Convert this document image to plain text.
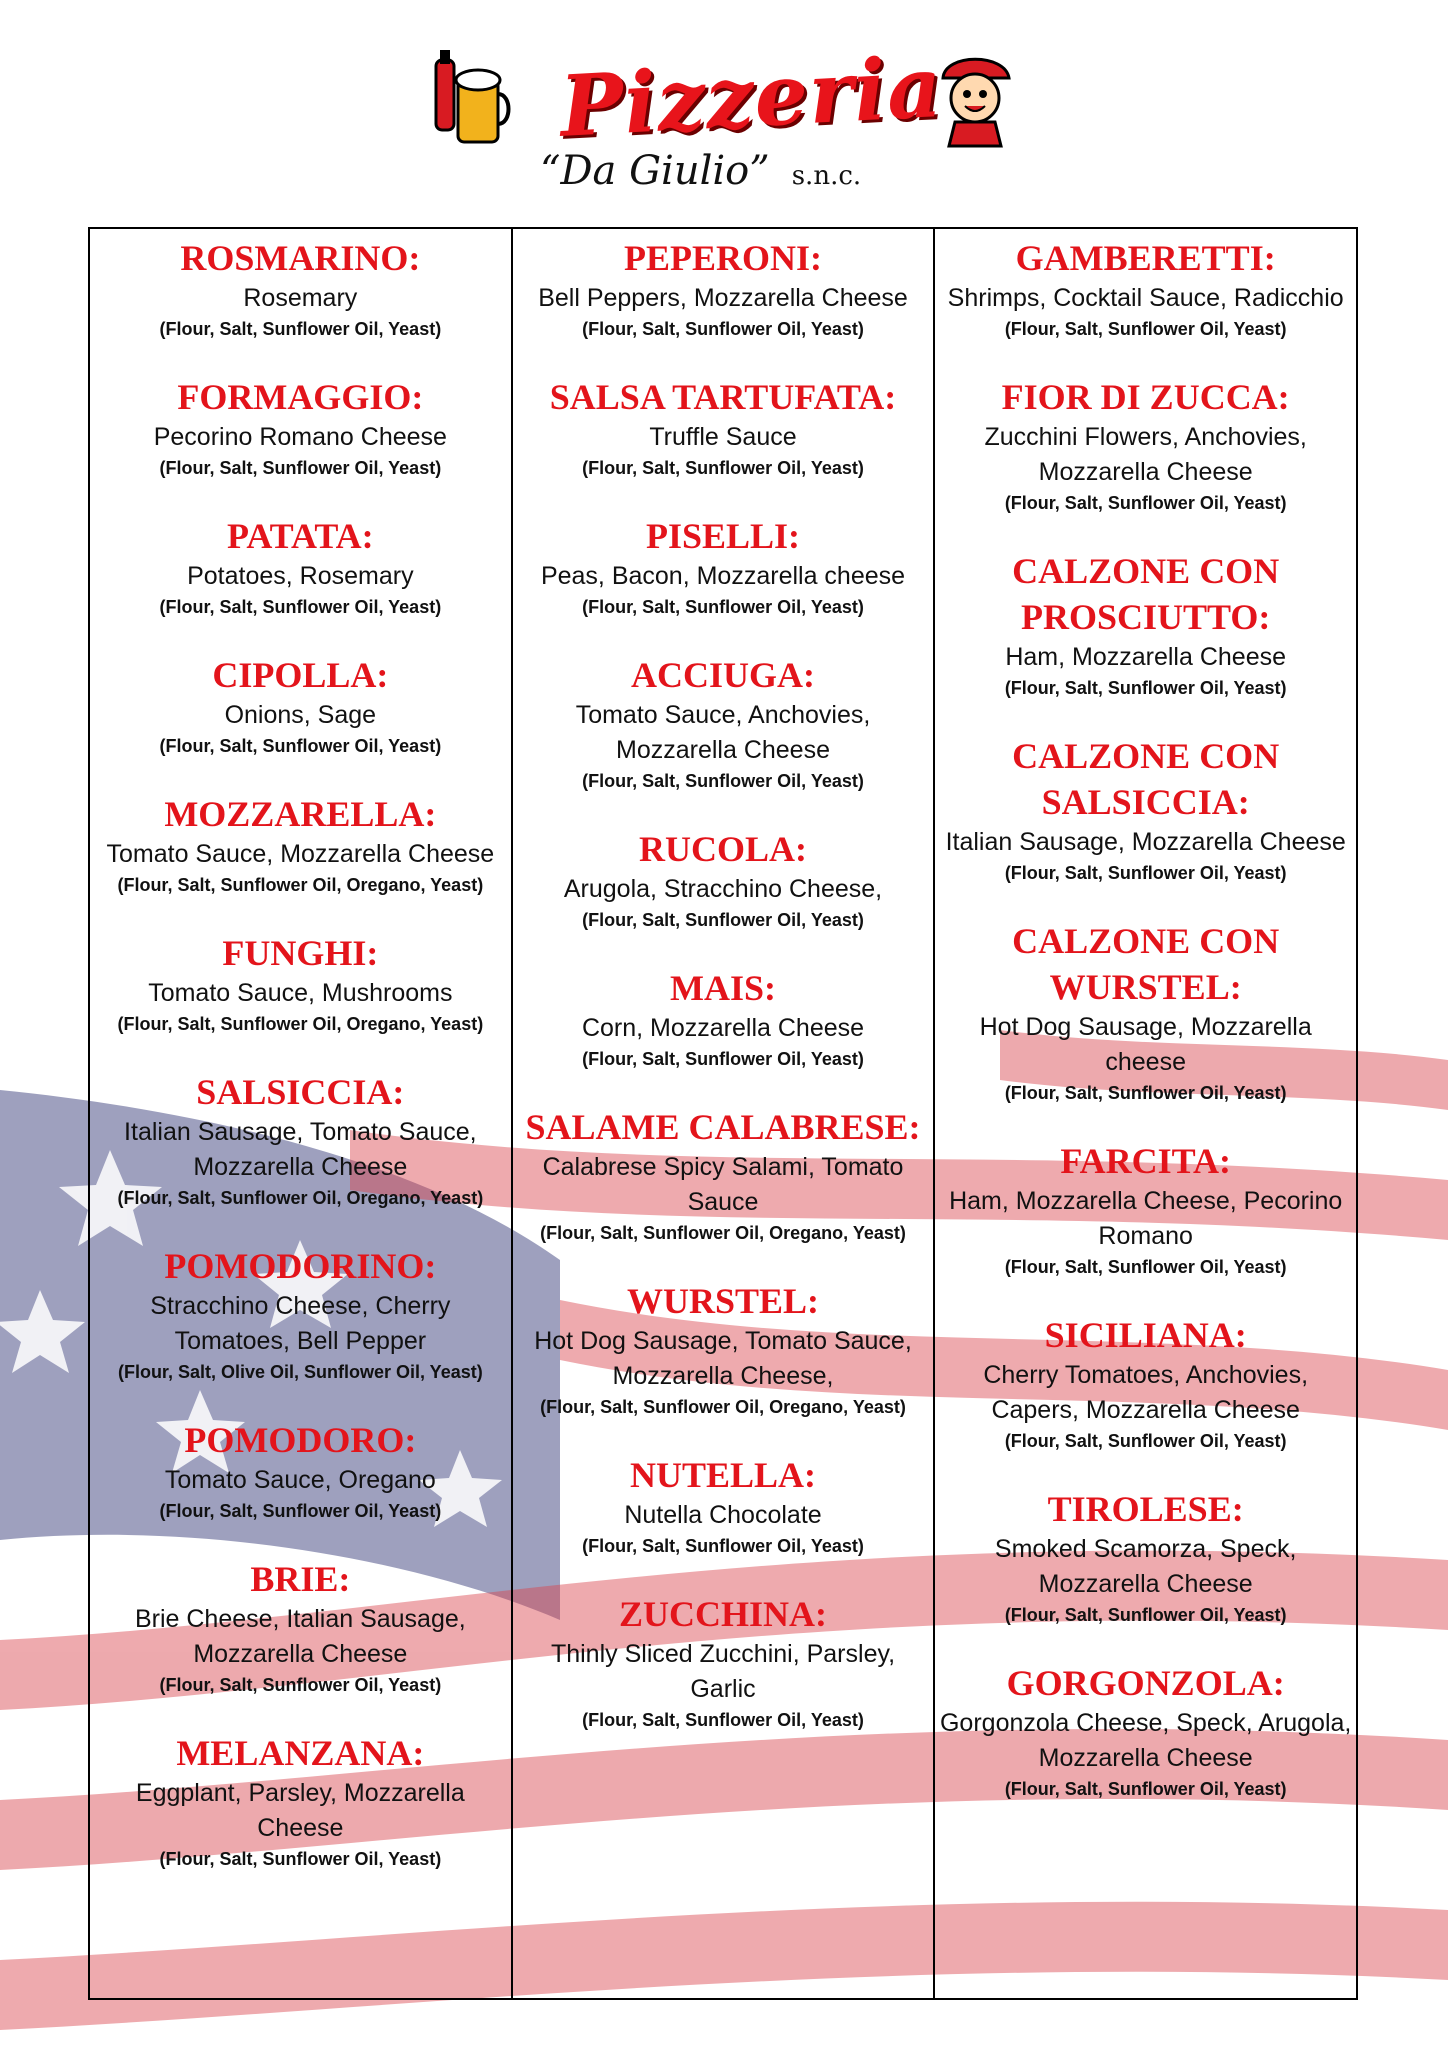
Pizzeria
“Da Giulio” s.n.c.
ROSMARINO:
Rosemary
(Flour, Salt, Sunflower Oil, Yeast)
FORMAGGIO:
Pecorino Romano Cheese
(Flour, Salt, Sunflower Oil, Yeast)
PATATA:
Potatoes, Rosemary
(Flour, Salt, Sunflower Oil, Yeast)
CIPOLLA:
Onions, Sage
(Flour, Salt, Sunflower Oil, Yeast)
MOZZARELLA:
Tomato Sauce, Mozzarella Cheese
(Flour, Salt, Sunflower Oil, Oregano, Yeast)
FUNGHI:
Tomato Sauce, Mushrooms
(Flour, Salt, Sunflower Oil, Oregano, Yeast)
SALSICCIA:
Italian Sausage, Tomato Sauce, Mozzarella Cheese
(Flour, Salt, Sunflower Oil, Oregano, Yeast)
POMODORINO:
Stracchino Cheese, Cherry Tomatoes, Bell Pepper
(Flour, Salt, Olive Oil, Sunflower Oil, Yeast)
POMODORO:
Tomato Sauce, Oregano
(Flour, Salt, Sunflower Oil, Yeast)
BRIE:
Brie Cheese, Italian Sausage, Mozzarella Cheese
(Flour, Salt, Sunflower Oil, Yeast)
MELANZANA:
Eggplant, Parsley, Mozzarella Cheese
(Flour, Salt, Sunflower Oil, Yeast)
PEPERONI:
Bell Peppers, Mozzarella Cheese
(Flour, Salt, Sunflower Oil, Yeast)
SALSA TARTUFATA:
Truffle Sauce
(Flour, Salt, Sunflower Oil, Yeast)
PISELLI:
Peas, Bacon, Mozzarella cheese
(Flour, Salt, Sunflower Oil, Yeast)
ACCIUGA:
Tomato Sauce, Anchovies, Mozzarella Cheese
(Flour, Salt, Sunflower Oil, Yeast)
RUCOLA:
Arugola, Stracchino Cheese,
(Flour, Salt, Sunflower Oil, Yeast)
MAIS:
Corn, Mozzarella Cheese
(Flour, Salt, Sunflower Oil, Yeast)
SALAME CALABRESE:
Calabrese Spicy Salami, Tomato Sauce
(Flour, Salt, Sunflower Oil, Oregano, Yeast)
WURSTEL:
Hot Dog Sausage, Tomato Sauce, Mozzarella Cheese,
(Flour, Salt, Sunflower Oil, Oregano, Yeast)
NUTELLA:
Nutella Chocolate
(Flour, Salt, Sunflower Oil, Yeast)
ZUCCHINA:
Thinly Sliced Zucchini, Parsley, Garlic
(Flour, Salt, Sunflower Oil, Yeast)
GAMBERETTI:
Shrimps, Cocktail Sauce, Radicchio
(Flour, Salt, Sunflower Oil, Yeast)
FIOR DI ZUCCA:
Zucchini Flowers, Anchovies, Mozzarella Cheese
(Flour, Salt, Sunflower Oil, Yeast)
CALZONE CON PROSCIUTTO:
Ham, Mozzarella Cheese
(Flour, Salt, Sunflower Oil, Yeast)
CALZONE CON SALSICCIA:
Italian Sausage, Mozzarella Cheese
(Flour, Salt, Sunflower Oil, Yeast)
CALZONE CON WURSTEL:
Hot Dog Sausage, Mozzarella cheese
(Flour, Salt, Sunflower Oil, Yeast)
FARCITA:
Ham, Mozzarella Cheese, Pecorino Romano
(Flour, Salt, Sunflower Oil, Yeast)
SICILIANA:
Cherry Tomatoes, Anchovies, Capers, Mozzarella Cheese
(Flour, Salt, Sunflower Oil, Yeast)
TIROLESE:
Smoked Scamorza, Speck, Mozzarella Cheese
(Flour, Salt, Sunflower Oil, Yeast)
GORGONZOLA:
Gorgonzola Cheese, Speck, Arugola, Mozzarella Cheese
(Flour, Salt, Sunflower Oil, Yeast)
